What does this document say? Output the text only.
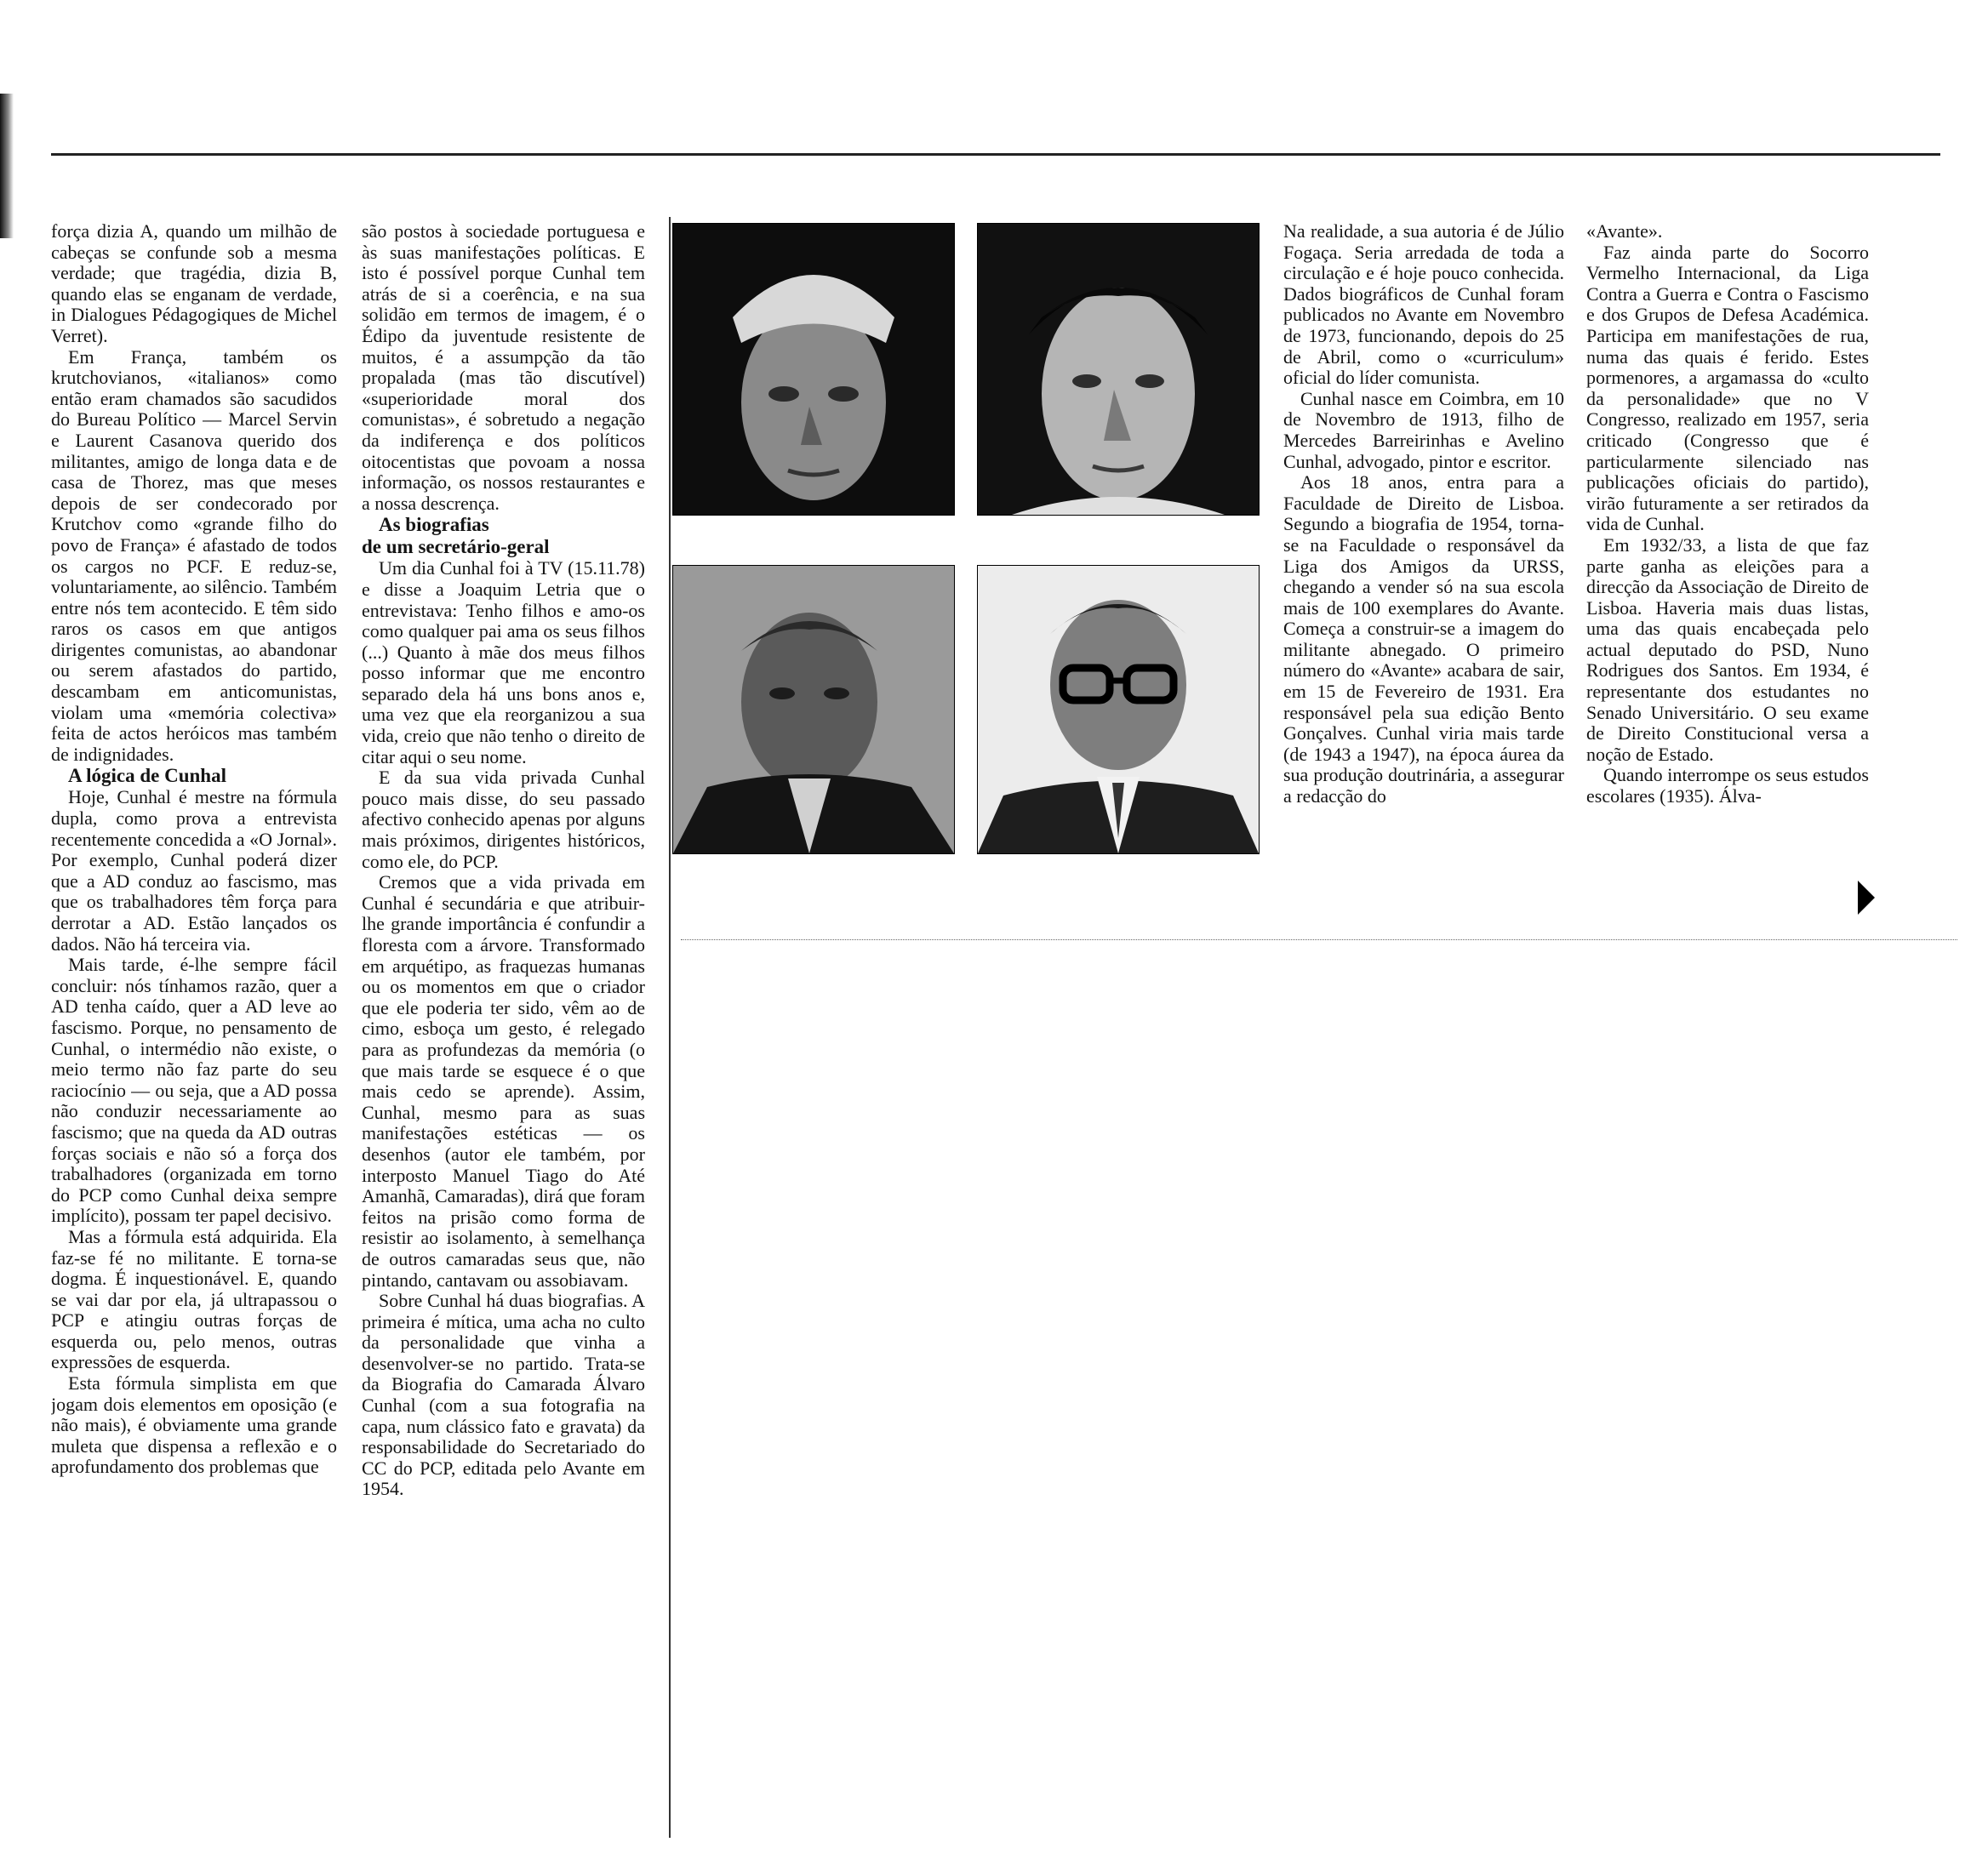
força dizia A, quando um milhão de cabeças se confunde sob a mesma verdade; que tragédia, dizia B, quando elas se enganam de verdade, in Dialogues Pédagogiques de Michel Verret).

Em França, também os krutchovianos, «italianos» como então eram chamados são sacudidos do Bureau Político — Marcel Servin e Laurent Casanova querido dos militantes, amigo de longa data e de casa de Thorez, mas que meses depois de ser condecorado por Krutchov como «grande filho do povo de França» é afastado de todos os cargos no PCF. E reduz-se, voluntariamente, ao silêncio. Também entre nós tem acontecido. E têm sido raros os casos em que antigos dirigentes comunistas, ao abandonar ou serem afastados do partido, descambam em anticomunistas, violam uma «memória colectiva» feita de actos heróicos mas também de indignidades.

A lógica de Cunhal

Hoje, Cunhal é mestre na fórmula dupla, como prova a entrevista recentemente concedida a «O Jornal». Por exemplo, Cunhal poderá dizer que a AD conduz ao fascismo, mas que os trabalhadores têm força para derrotar a AD. Estão lançados os dados. Não há terceira via.

Mais tarde, é-lhe sempre fácil concluir: nós tínhamos razão, quer a AD tenha caído, quer a AD leve ao fascismo. Porque, no pensamento de Cunhal, o intermédio não existe, o meio termo não faz parte do seu raciocínio — ou seja, que a AD possa não conduzir necessariamente ao fascismo; que na queda da AD outras forças sociais e não só a força dos trabalhadores (organizada em torno do PCP como Cunhal deixa sempre implícito), possam ter papel decisivo.

Mas a fórmula está adquirida. Ela faz-se fé no militante. E torna-se dogma. É inquestionável. E, quando se vai dar por ela, já ultrapassou o PCP e atingiu outras forças de esquerda ou, pelo menos, outras expressões de esquerda.

Esta fórmula simplista em que jogam dois elementos em oposição (e não mais), é obviamente uma grande muleta que dispensa a reflexão e o aprofundamento dos problemas que

são postos à sociedade portuguesa e às suas manifestações políticas. E isto é possível porque Cunhal tem atrás de si a coerência, e na sua solidão em termos de imagem, é o Édipo da juventude resistente de muitos, é a assumpção da tão propalada (mas tão discutível) «superioridade moral dos comunistas», é sobretudo a negação da indiferença e dos políticos oitocentistas que povoam a nossa informação, os nossos restaurantes e a nossa descrença.

As biografias
de um secretário-geral

Um dia Cunhal foi à TV (15.11.78) e disse a Joaquim Letria que o entrevistava: Tenho filhos e amo-os como qualquer pai ama os seus filhos (...) Quanto à mãe dos meus filhos posso informar que me encontro separado dela há uns bons anos e, uma vez que ela reorganizou a sua vida, creio que não tenho o direito de citar aqui o seu nome.

E da sua vida privada Cunhal pouco mais disse, do seu passado afectivo conhecido apenas por alguns mais próximos, dirigentes históricos, como ele, do PCP.

Cremos que a vida privada em Cunhal é secundária e que atribuir-lhe grande importância é confundir a floresta com a árvore. Transformado em arquétipo, as fraquezas humanas ou os momentos em que o criador que ele poderia ter sido, vêm ao de cimo, esboça um gesto, é relegado para as profundezas da memória (o que mais tarde se esquece é o que mais cedo se aprende). Assim, Cunhal, mesmo para as suas manifestações estéticas — os desenhos (autor ele também, por interposto Manuel Tiago do Até Amanhã, Camaradas), dirá que foram feitos na prisão como forma de resistir ao isolamento, à semelhança de outros camaradas seus que, não pintando, cantavam ou assobiavam.

Sobre Cunhal há duas biografias. A primeira é mítica, uma acha no culto da personalidade que vinha a desenvolver-se no partido. Trata-se da Biografia do Camarada Álvaro Cunhal (com a sua fotografia na capa, num clássico fato e gravata) da responsabilidade do Secretariado do CC do PCP, editada pelo Avante em 1954.

Na realidade, a sua autoria é de Júlio Fogaça. Seria arredada de toda a circulação e é hoje pouco conhecida. Dados biográficos de Cunhal foram publicados no Avante em Novembro de 1973, funcionando, depois do 25 de Abril, como o «curriculum» oficial do líder comunista.

Cunhal nasce em Coimbra, em 10 de Novembro de 1913, filho de Mercedes Barreirinhas e Avelino Cunhal, advogado, pintor e escritor.

Aos 18 anos, entra para a Faculdade de Direito de Lisboa. Segundo a biografia de 1954, torna-se na Faculdade o responsável da Liga dos Amigos da URSS, chegando a vender só na sua escola mais de 100 exemplares do Avante. Começa a construir-se a imagem do militante abnegado. O primeiro número do «Avante» acabara de sair, em 15 de Fevereiro de 1931. Era responsável pela sua edição Bento Gonçalves. Cunhal viria mais tarde (de 1943 a 1947), na época áurea da sua produção doutrinária, a assegurar a redacção do

«Avante».

Faz ainda parte do Socorro Vermelho Internacional, da Liga Contra a Guerra e Contra o Fascismo e dos Grupos de Defesa Académica. Participa em manifestações de rua, numa das quais é ferido. Estes pormenores, a argamassa do «culto da personalidade» que no V Congresso, realizado em 1957, seria criticado (Congresso que é particularmente silenciado nas publicações oficiais do partido), virão futuramente a ser retirados da vida de Cunhal.

Em 1932/33, a lista de que faz parte ganha as eleições para a direcção da Associação de Direito de Lisboa. Haveria mais duas listas, uma das quais encabeçada pelo actual deputado do PSD, Nuno Rodrigues dos Santos. Em 1934, é representante dos estudantes no Senado Universitário. O seu exame de Direito Constitucional versa a noção de Estado.

Quando interrompe os seus estudos escolares (1935). Álva-
